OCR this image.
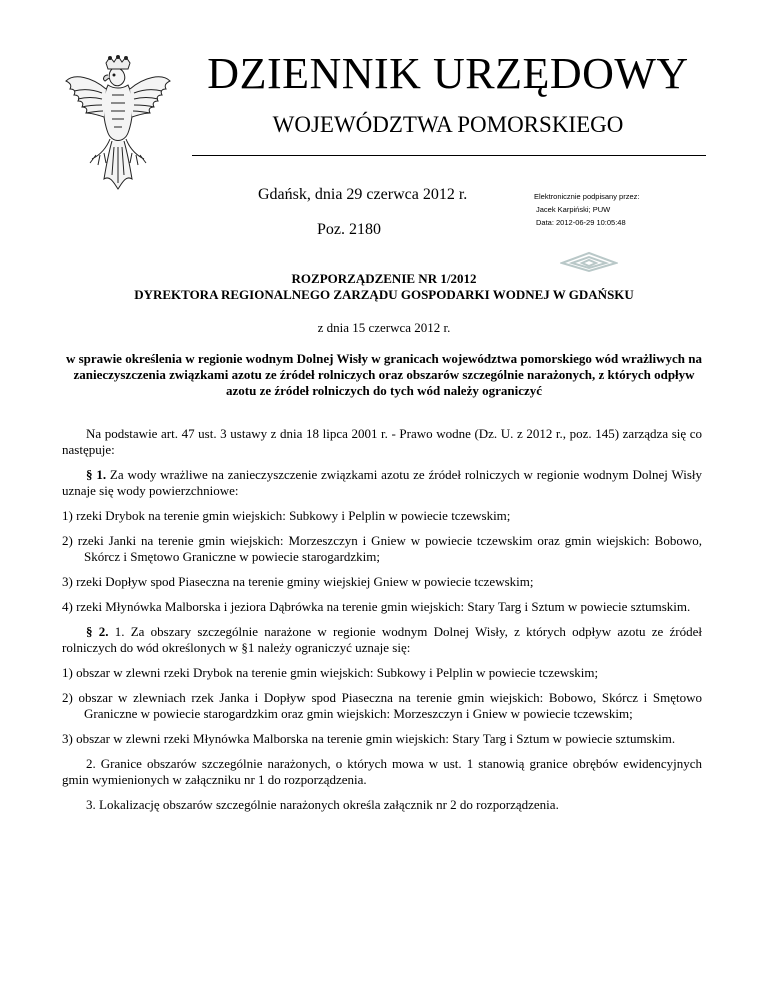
DZIENNIK URZĘDOWY
WOJEWÓDZTWA POMORSKIEGO
Gdańsk, dnia 29 czerwca 2012 r.
Poz. 2180
Elektronicznie podpisany przez:
Jacek Karpiński; PUW
Data: 2012-06-29 10:05:48
ROZPORZĄDZENIE NR 1/2012
DYREKTORA REGIONALNEGO ZARZĄDU GOSPODARKI WODNEJ W GDAŃSKU
z dnia 15 czerwca 2012 r.
w sprawie określenia w regionie wodnym Dolnej Wisły w granicach województwa pomorskiego wód wrażliwych na zanieczyszczenia związkami azotu ze źródeł rolniczych oraz obszarów szczególnie narażonych, z których odpływ azotu ze źródeł rolniczych do tych wód należy ograniczyć

Na podstawie art. 47 ust. 3 ustawy z dnia 18 lipca 2001 r. - Prawo wodne (Dz. U. z 2012 r., poz. 145) zarządza się co następuje:

§ 1. Za wody wrażliwe na zanieczyszczenie związkami azotu ze źródeł rolniczych w regionie wodnym Dolnej Wisły uznaje się wody powierzchniowe:

1) rzeki Drybok na terenie gmin wiejskich: Subkowy i Pelplin w powiecie tczewskim;

2) rzeki Janki na terenie gmin wiejskich: Morzeszczyn i Gniew w powiecie tczewskim oraz gmin wiejskich: Bobowo, Skórcz i Smętowo Graniczne w powiecie starogardzkim;

3) rzeki Dopływ spod Piaseczna na terenie gminy wiejskiej Gniew w powiecie tczewskim;

4) rzeki Młynówka Malborska i jeziora Dąbrówka na terenie gmin wiejskich: Stary Targ i Sztum w powiecie sztumskim.

§ 2. 1. Za obszary szczególnie narażone w regionie wodnym Dolnej Wisły, z których odpływ azotu ze źródeł rolniczych do wód określonych w §1 należy ograniczyć uznaje się:

1) obszar w zlewni rzeki Drybok na terenie gmin wiejskich: Subkowy i Pelplin w powiecie tczewskim;

2) obszar w zlewniach rzek Janka i Dopływ spod Piaseczna na terenie gmin wiejskich: Bobowo, Skórcz i Smętowo Graniczne w powiecie starogardzkim oraz gmin wiejskich: Morzeszczyn i Gniew w powiecie tczewskim;

3) obszar w zlewni rzeki Młynówka Malborska na terenie gmin wiejskich: Stary Targ i Sztum w powiecie sztumskim.

2. Granice obszarów szczególnie narażonych, o których mowa w ust. 1 stanowią granice obrębów ewidencyjnych gmin wymienionych w załączniku nr 1 do rozporządzenia.

3. Lokalizację obszarów szczególnie narażonych określa załącznik nr 2 do rozporządzenia.
